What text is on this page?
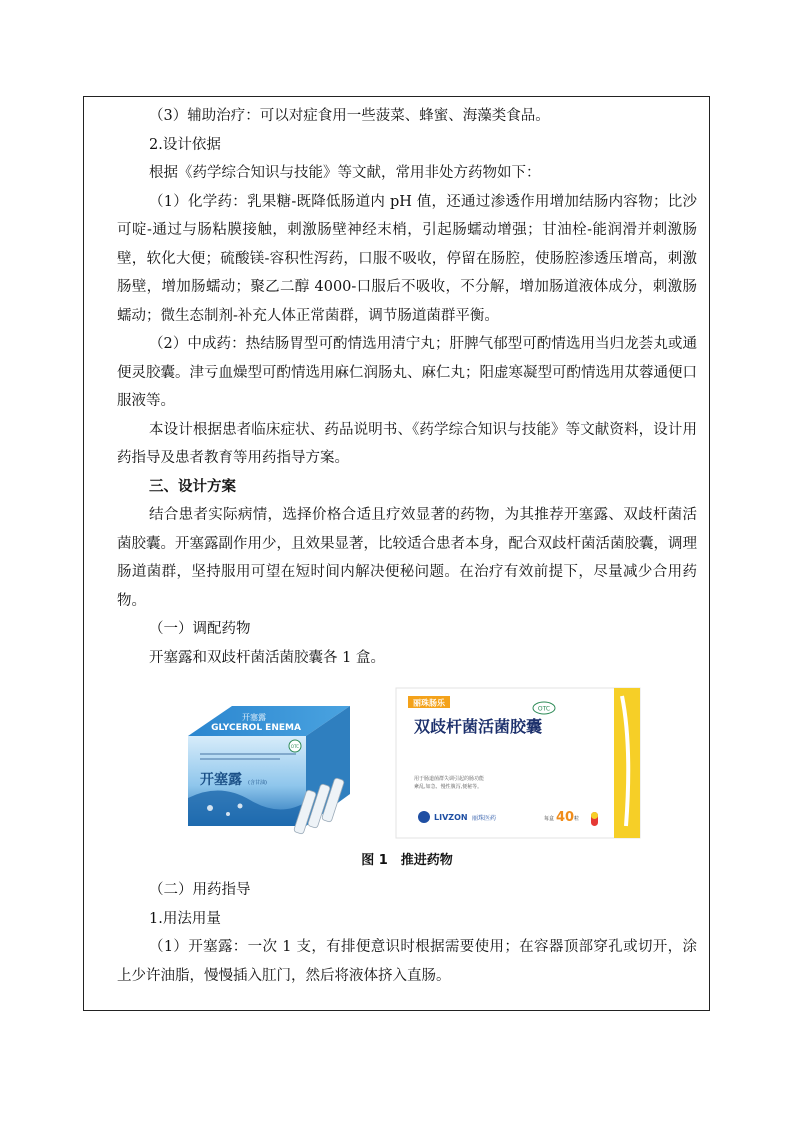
（3）辅助治疗：可以对症食用一些菠菜、蜂蜜、海藻类食品。
2.设计依据
根据《药学综合知识与技能》等文献，常用非处方药物如下：
（1）化学药：乳果糖-既降低肠道内 pH 值，还通过渗透作用增加结肠内容物；比沙可啶-通过与肠粘膜接触，刺激肠壁神经末梢，引起肠蠕动增强；甘油栓-能润滑并刺激肠壁，软化大便；硫酸镁-容积性泻药，口服不吸收，停留在肠腔，使肠腔渗透压增高，刺激肠壁，增加肠蠕动；聚乙二醇 4000-口服后不吸收，不分解，增加肠道液体成分，刺激肠蠕动；微生态制剂-补充人体正常菌群，调节肠道菌群平衡。
（2）中成药：热结肠胃型可酌情选用清宁丸；肝脾气郁型可酌情选用当归龙荟丸或通便灵胶囊。津亏血燥型可酌情选用麻仁润肠丸、麻仁丸；阳虚寒凝型可酌情选用苁蓉通便口服液等。
本设计根据患者临床症状、药品说明书、《药学综合知识与技能》等文献资料，设计用药指导及患者教育等用药指导方案。
三、设计方案
结合患者实际病情，选择价格合适且疗效显著的药物，为其推荐开塞露、双歧杆菌活菌胶囊。开塞露副作用少，且效果显著，比较适合患者本身，配合双歧杆菌活菌胶囊，调理肠道菌群，坚持服用可望在短时间内解决便秘问题。在治疗有效前提下，尽量减少合用药物。
（一）调配药物
开塞露和双歧杆菌活菌胶囊各 1 盒。
开塞露
GLYCEROL ENEMA
OTC
开塞露 (含甘油)
丽珠肠乐
OTC
双歧杆菌活菌胶囊
用于肠道菌群失调引起的肠功能
紊乱,如急、慢性腹泻,便秘等。
LIVZON 丽珠医药	每盒 40 粒
图 1　推进药物
（二）用药指导
1.用法用量
（1）开塞露：一次 1 支，有排便意识时根据需要使用；在容器顶部穿孔或切开，涂上少许油脂，慢慢插入肛门，然后将液体挤入直肠。
